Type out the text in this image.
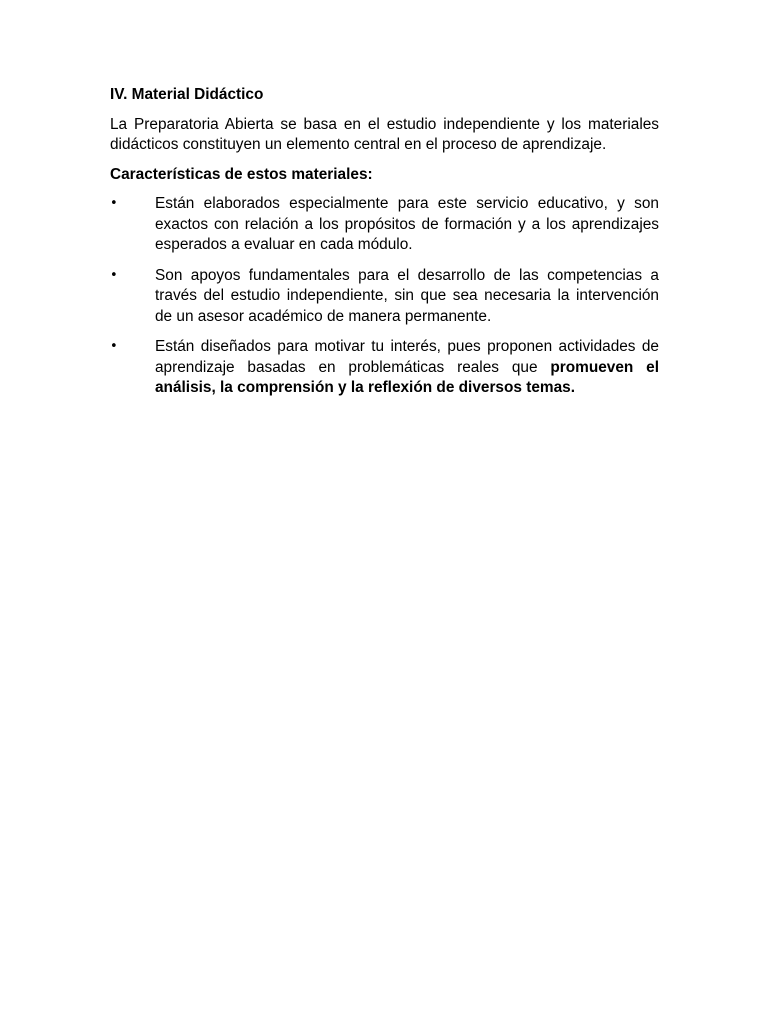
IV. Material Didáctico
La Preparatoria Abierta se basa en el estudio independiente y los materiales didácticos constituyen un elemento central en el proceso de aprendizaje.
Características de estos materiales:
• Están elaborados especialmente para este servicio educativo, y son exactos con relación a los propósitos de formación y a los aprendizajes esperados a evaluar en cada módulo.
• Son apoyos fundamentales para el desarrollo de las competencias a través del estudio independiente, sin que sea necesaria la intervención de un asesor académico de manera permanente.
• Están diseñados para motivar tu interés, pues proponen actividades de aprendizaje basadas en problemáticas reales que promueven el análisis, la comprensión y la reflexión de diversos temas.
